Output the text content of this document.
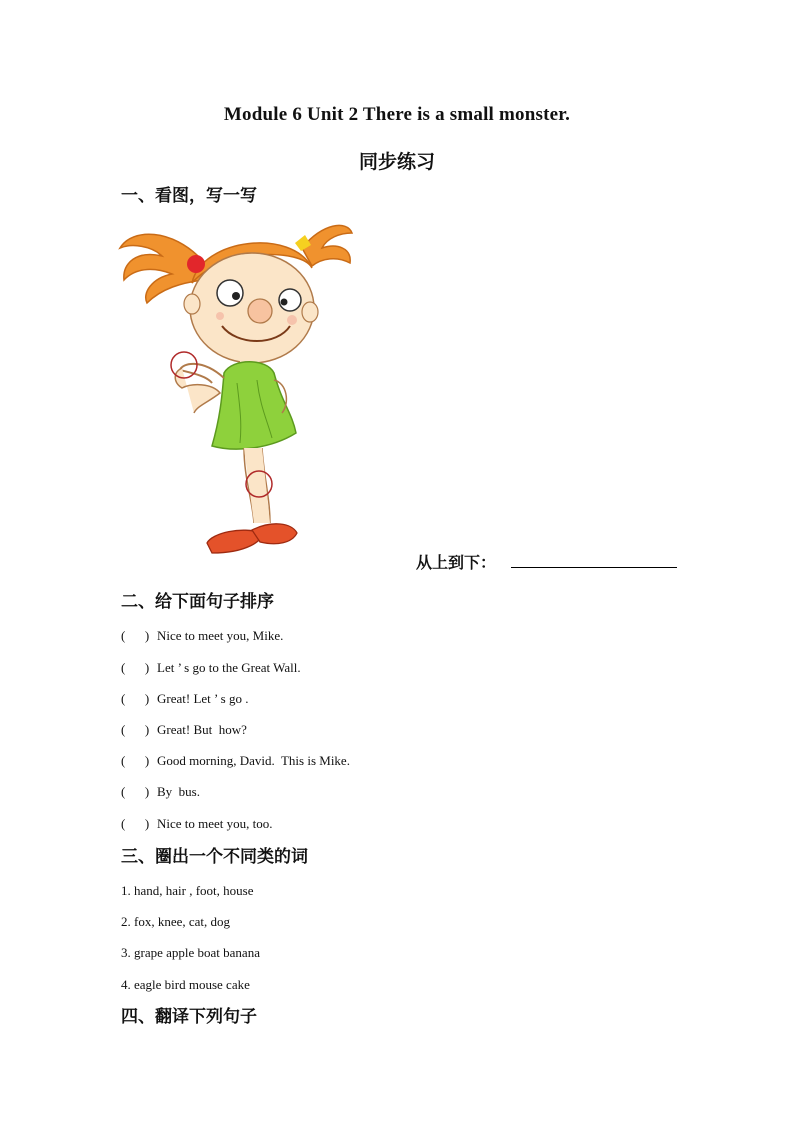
Module 6 Unit 2 There is a small monster.
同步练习
一、看图，写一写
从上到下：
二、给下面句子排序
(      ) Nice to meet you, Mike.
(      ) Let ’ s go to the Great Wall.
(      ) Great! Let ’ s go .
(      ) Great! But  how?
(      ) Good morning, David.  This is Mike.
(      ) By  bus.
(      ) Nice to meet you, too.
三、圈出一个不同类的词
1. hand, hair , foot, house
2. fox, knee, cat, dog
3. grape apple boat banana
4. eagle bird mouse cake
四、翻译下列句子
